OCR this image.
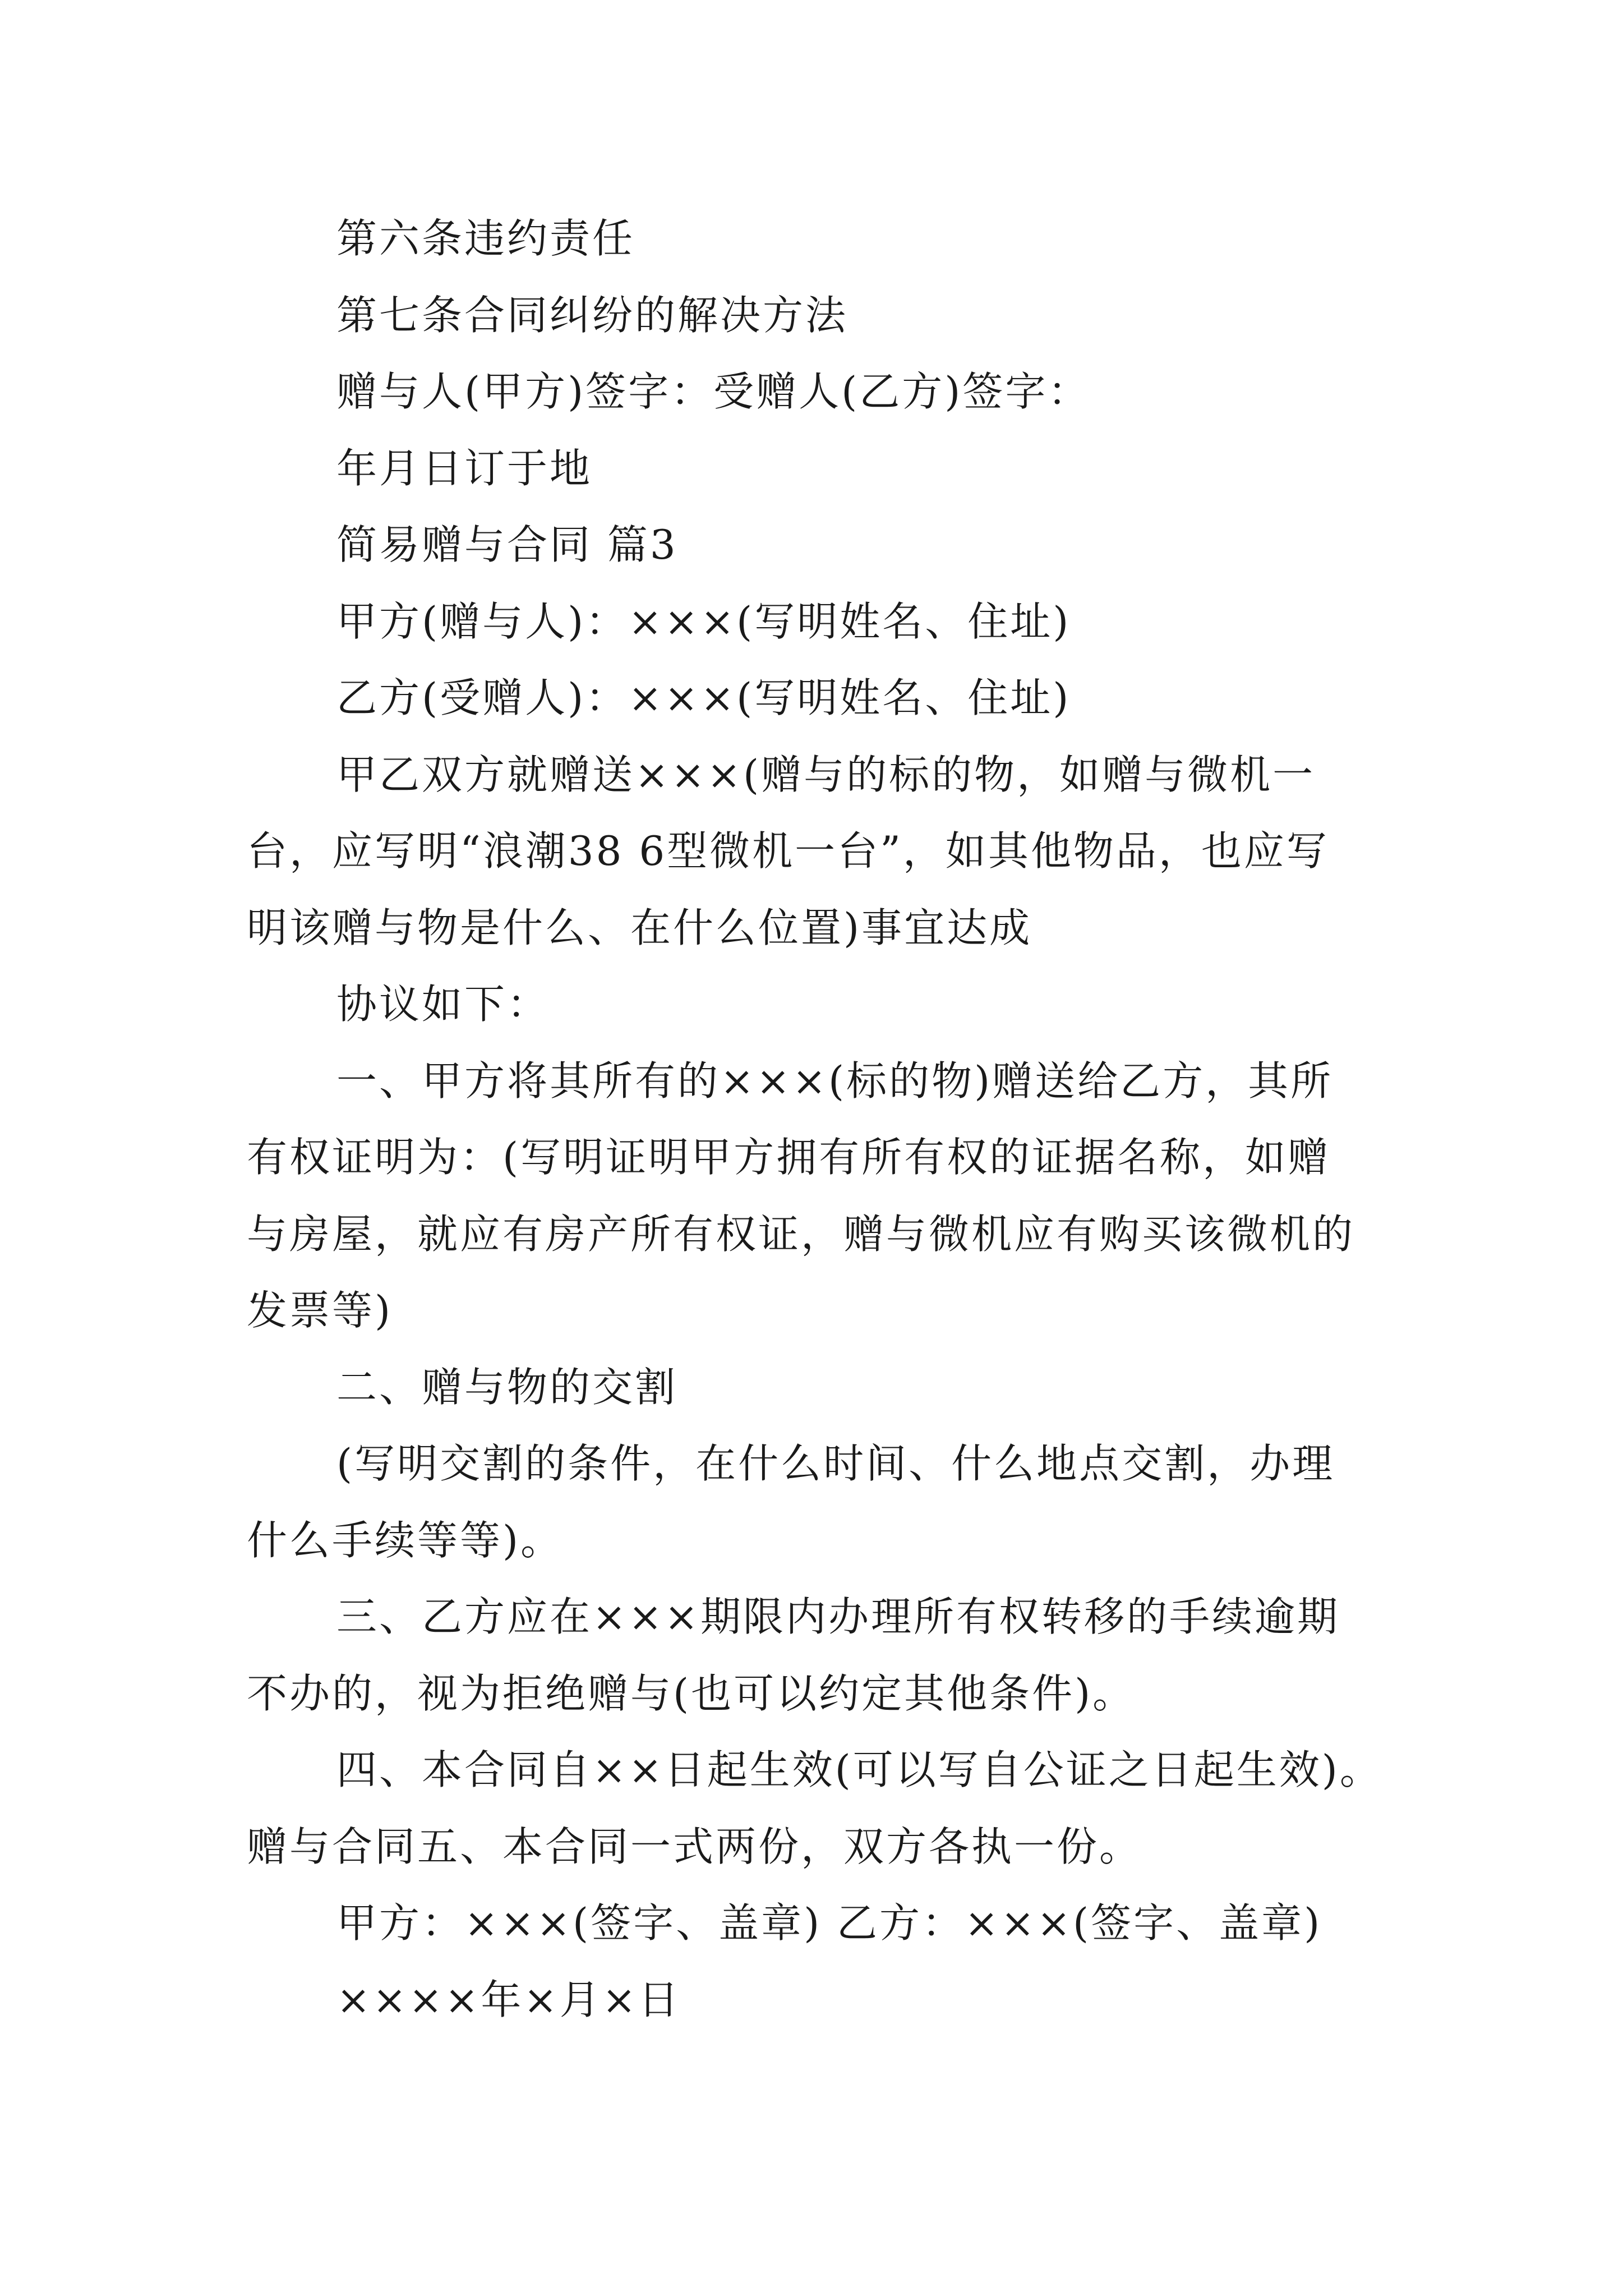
第六条违约责任
第七条合同纠纷的解决方法
赠与人(甲方)签字：受赠人(乙方)签字：
年月日订于地
简易赠与合同 篇3
甲方(赠与人)：×××(写明姓名、住址)
乙方(受赠人)：×××(写明姓名、住址)
甲乙双方就赠送×××(赠与的标的物，如赠与微机一
台，应写明“浪潮38 6型微机一台”，如其他物品，也应写
明该赠与物是什么、在什么位置)事宜达成
协议如下：
一、甲方将其所有的×××(标的物)赠送给乙方，其所
有权证明为：(写明证明甲方拥有所有权的证据名称，如赠
与房屋，就应有房产所有权证，赠与微机应有购买该微机的
发票等)
二、赠与物的交割
(写明交割的条件，在什么时间、什么地点交割，办理
什么手续等等)。
三、乙方应在×××期限内办理所有权转移的手续逾期
不办的，视为拒绝赠与(也可以约定其他条件)。
四、本合同自××日起生效(可以写自公证之日起生效)。
赠与合同五、本合同一式两份，双方各执一份。
甲方：×××(签字、盖章) 乙方：×××(签字、盖章)
××××年×月×日
